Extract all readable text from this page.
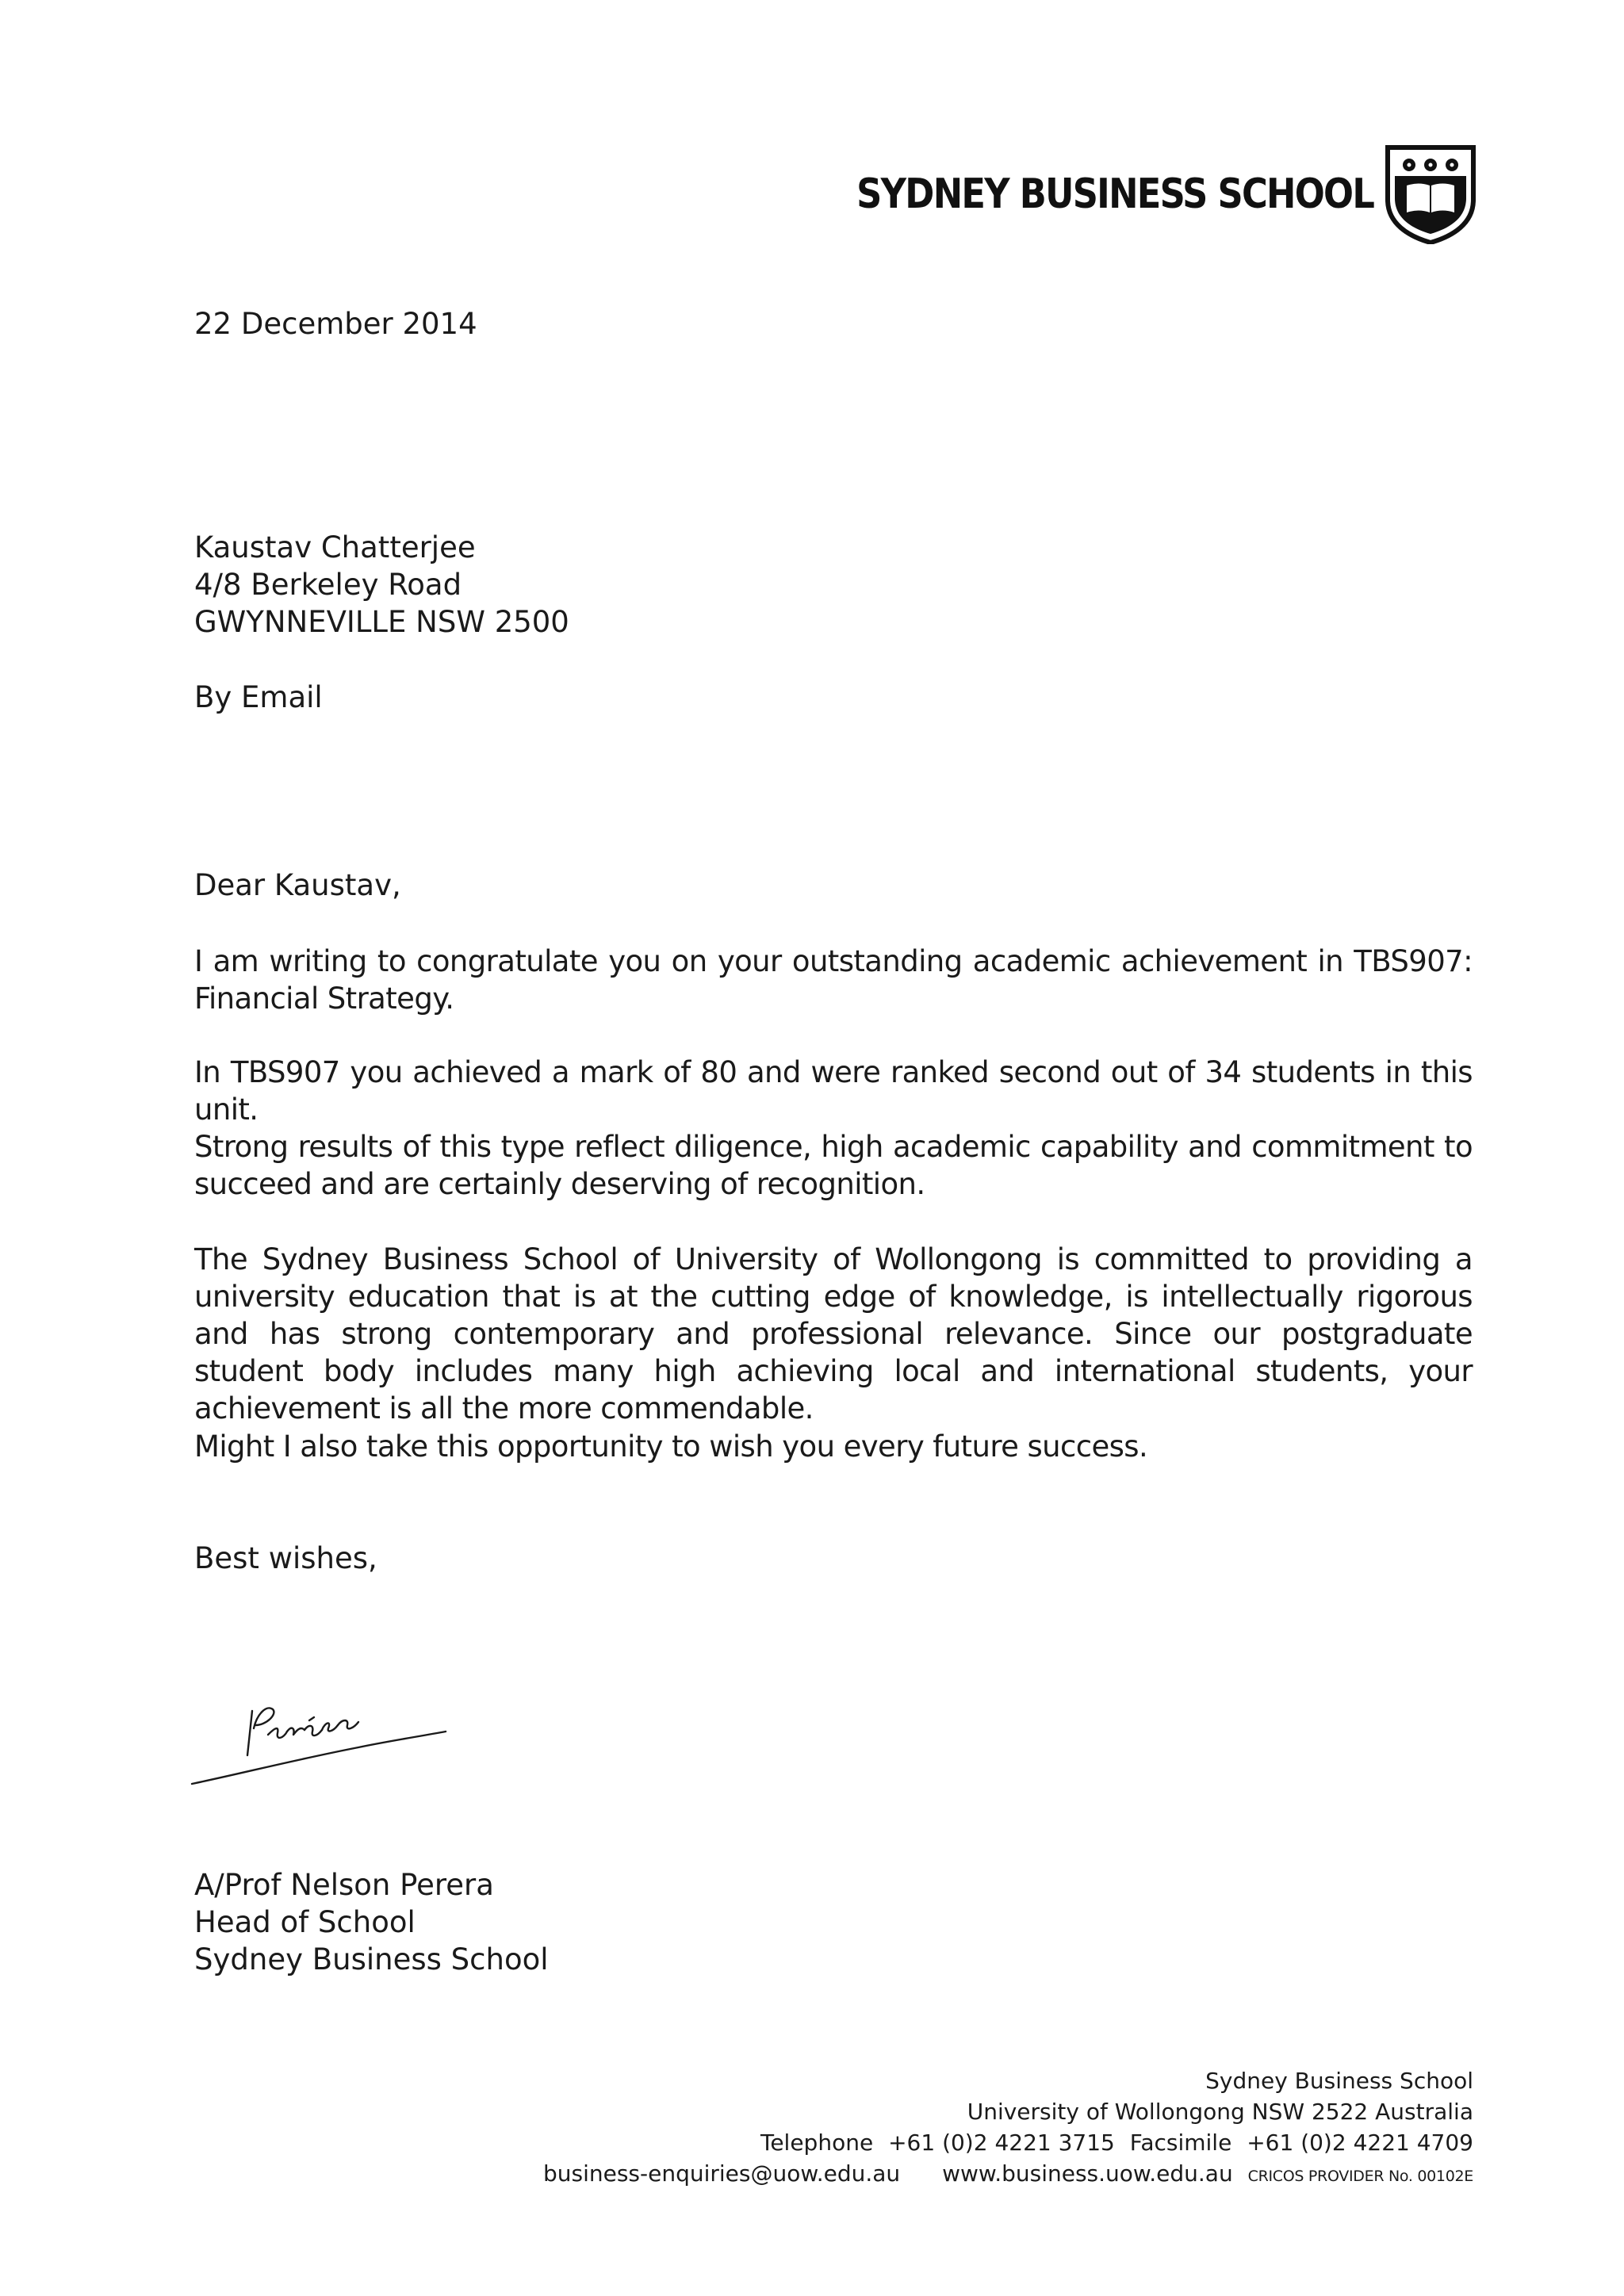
SYDNEY BUSINESS SCHOOL
22 December 2014
Kaustav Chatterjee
4/8 Berkeley Road
GWYNNEVILLE NSW 2500
By Email
Dear Kaustav,

I am writing to congratulate you on your outstanding academic achievement in TBS907: Financial Strategy.

In TBS907 you achieved a mark of 80 and were ranked second out of 34 students in this unit.

Strong results of this type reflect diligence, high academic capability and commitment to succeed and are certainly deserving of recognition.

The Sydney Business School of University of Wollongong is committed to providing a university education that is at the cutting edge of knowledge, is intellectually rigorous and has strong contemporary and professional relevance. Since our postgraduate student body includes many high achieving local and international students, your achievement is all the more commendable.

Might I also take this opportunity to wish you every future success.

Best wishes,
A/Prof Nelson Perera
Head of School
Sydney Business School
Sydney Business School
University of Wollongong NSW 2522 Australia
Telephone +61 (0)2 4221 3715 Facsimile +61 (0)2 4221 4709
business-enquiries@uow.edu.au www.business.uow.edu.au CRICOS PROVIDER No. 00102E
